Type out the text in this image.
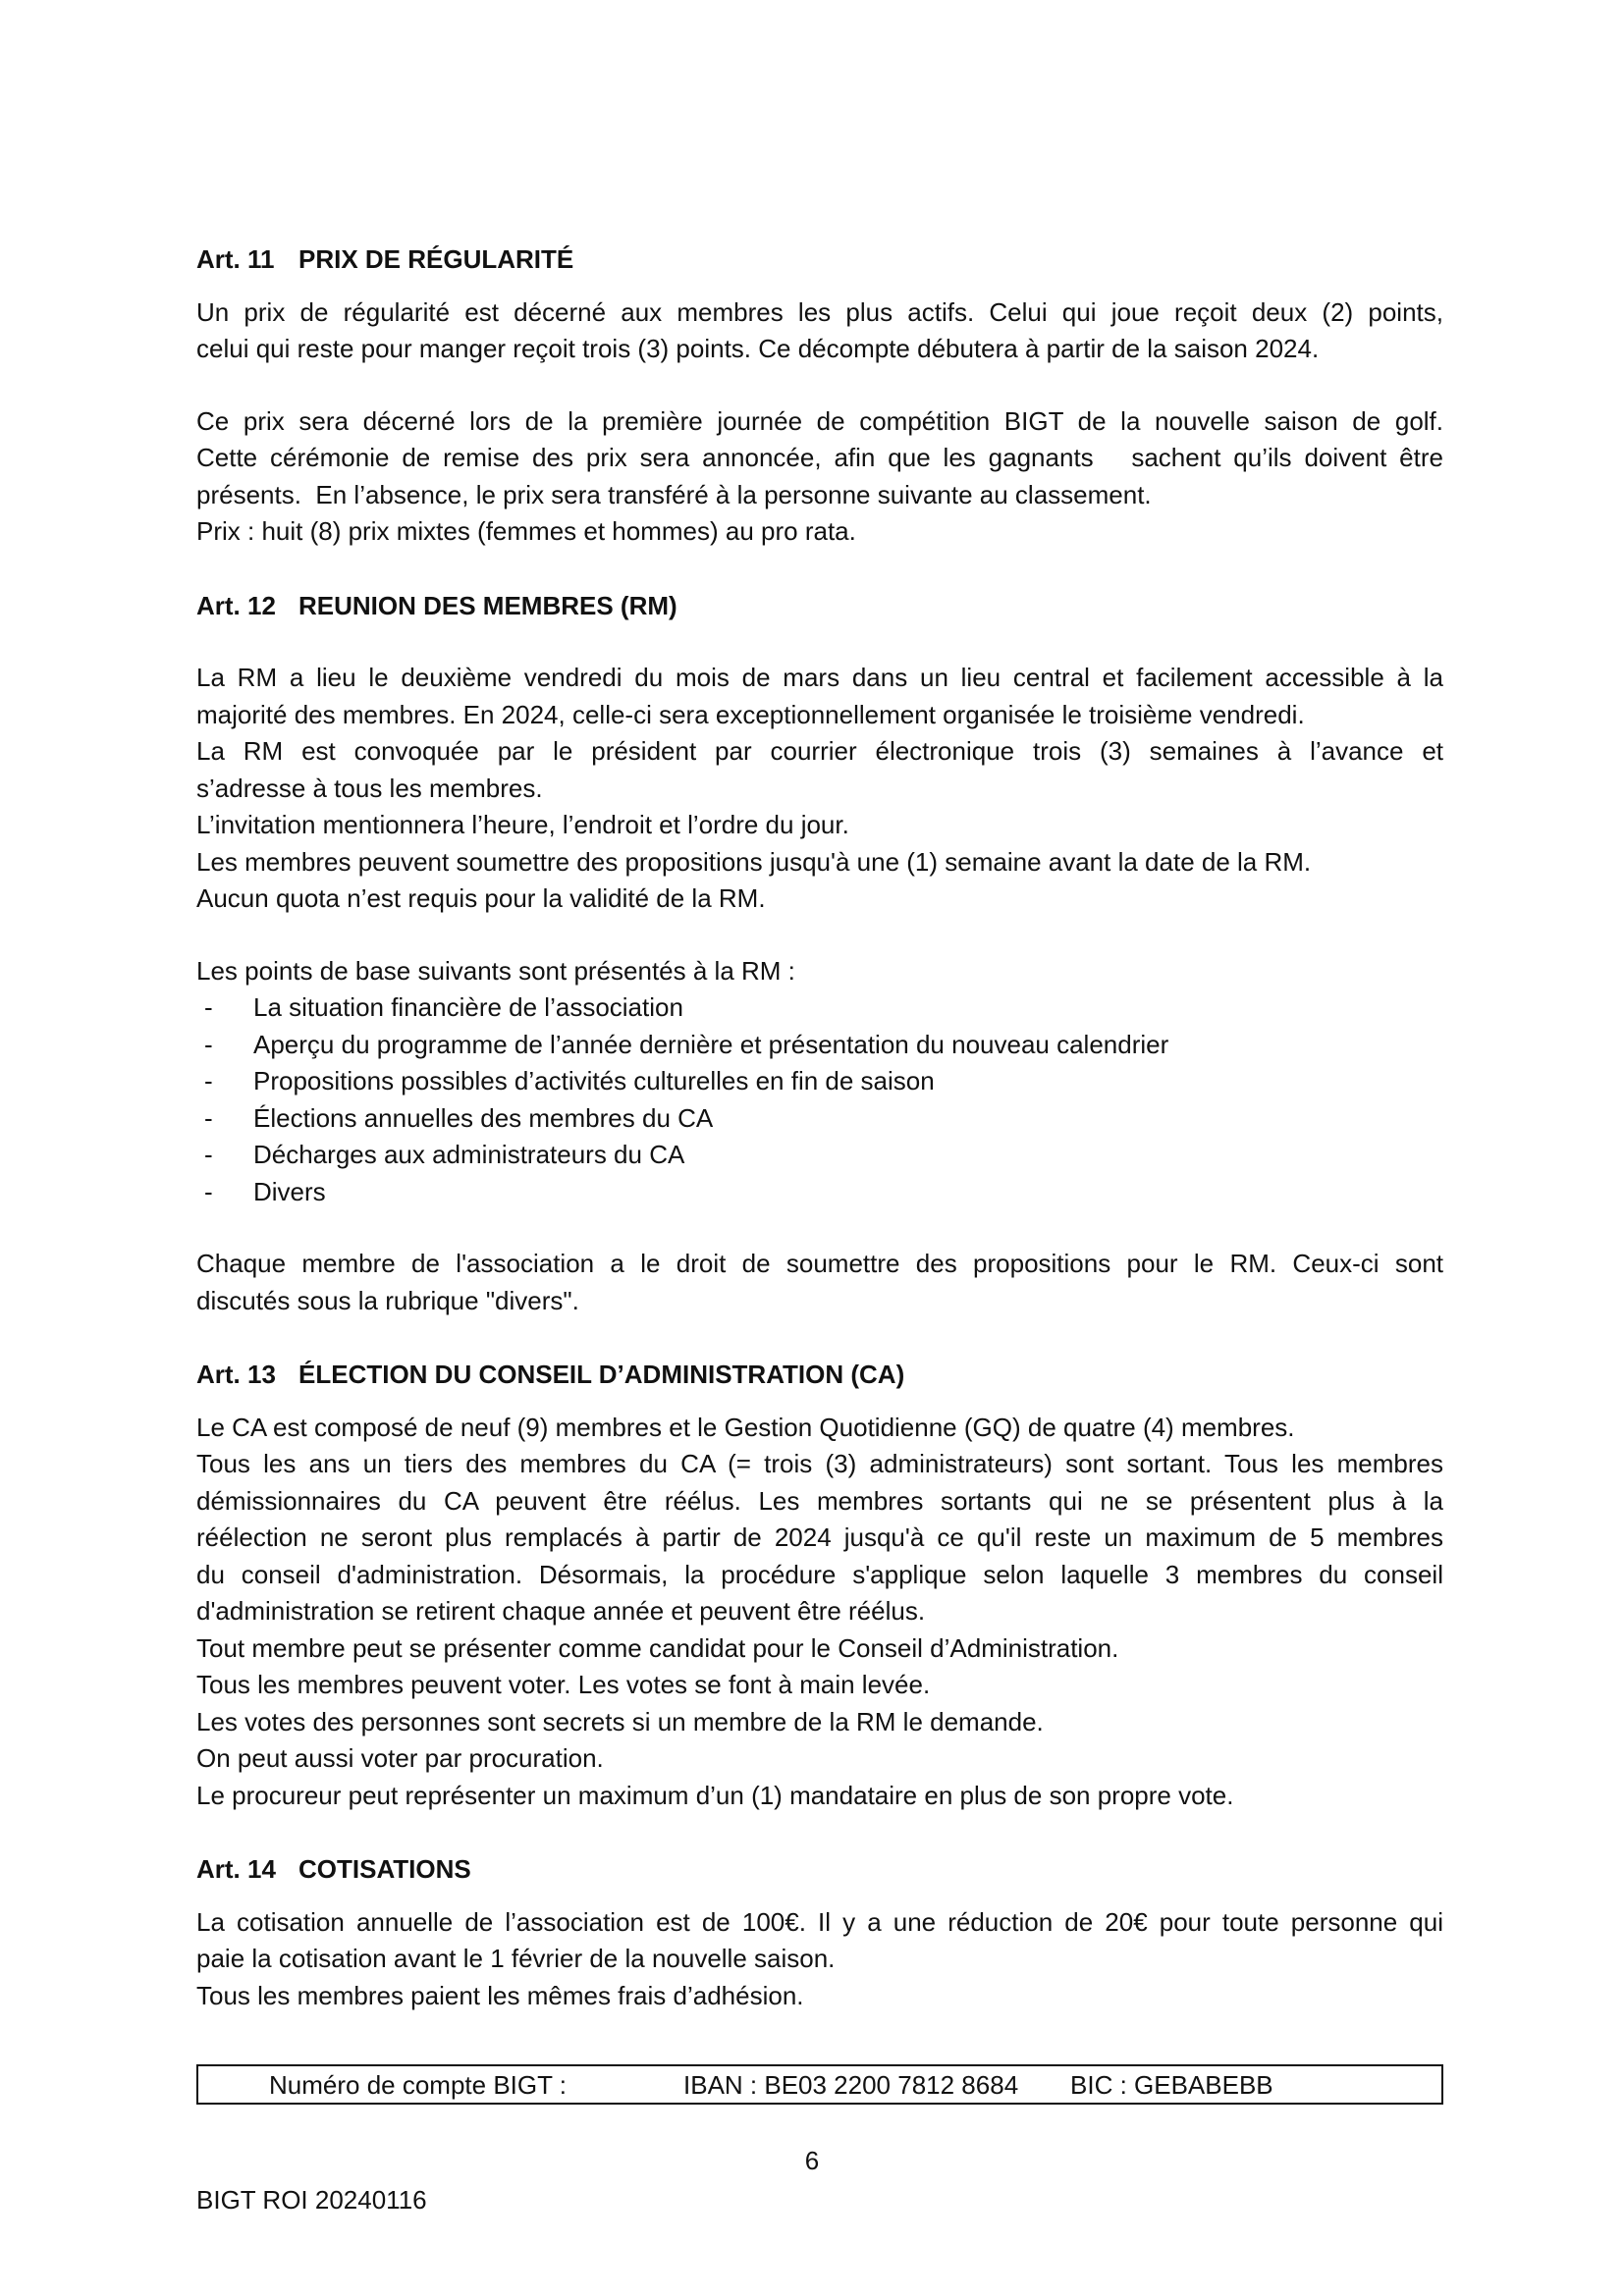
Art. 11 PRIX DE RÉGULARITÉ

Un prix de régularité est décerné aux membres les plus actifs. Celui qui joue reçoit deux (2) points,

celui qui reste pour manger reçoit trois (3) points. Ce décompte débutera à partir de la saison 2024.

Ce prix sera décerné lors de la première journée de compétition BIGT de la nouvelle saison de golf.

Cette cérémonie de remise des prix sera annoncée, afin que les gagnants   sachent qu’ils doivent être

présents.  En l’absence, le prix sera transféré à la personne suivante au classement.

Prix : huit (8) prix mixtes (femmes et hommes) au pro rata.

Art. 12 REUNION DES MEMBRES (RM)

La RM a lieu le deuxième vendredi du mois de mars dans un lieu central et facilement accessible à la

majorité des membres. En 2024, celle-ci sera exceptionnellement organisée le troisième vendredi.

La RM est convoquée par le président par courrier électronique trois (3) semaines à l’avance et

s’adresse à tous les membres.

L’invitation mentionnera l’heure, l’endroit et l’ordre du jour.

Les membres peuvent soumettre des propositions jusqu'à une (1) semaine avant la date de la RM.

Aucun quota n’est requis pour la validité de la RM.

Les points de base suivants sont présentés à la RM :

- La situation financière de l’association
- Aperçu du programme de l’année dernière et présentation du nouveau calendrier
- Propositions possibles d’activités culturelles en fin de saison
- Élections annuelles des membres du CA
- Décharges aux administrateurs du CA
- Divers

Chaque membre de l'association a le droit de soumettre des propositions pour le RM. Ceux-ci sont

discutés sous la rubrique "divers".

Art. 13 ÉLECTION DU CONSEIL D’ADMINISTRATION (CA)

Le CA est composé de neuf (9) membres et le Gestion Quotidienne (GQ) de quatre (4) membres.

Tous les ans un tiers des membres du CA (= trois (3) administrateurs) sont sortant. Tous les membres

démissionnaires du CA peuvent être réélus. Les membres sortants qui ne se présentent plus à la

réélection ne seront plus remplacés à partir de 2024 jusqu'à ce qu'il reste un maximum de 5 membres

du conseil d'administration. Désormais, la procédure s'applique selon laquelle 3 membres du conseil

d'administration se retirent chaque année et peuvent être réélus.

Tout membre peut se présenter comme candidat pour le Conseil d’Administration.

Tous les membres peuvent voter. Les votes se font à main levée.

Les votes des personnes sont secrets si un membre de la RM le demande.

On peut aussi voter par procuration.

Le procureur peut représenter un maximum d’un (1) mandataire en plus de son propre vote.

Art. 14 COTISATIONS

La cotisation annuelle de l’association est de 100€. Il y a une réduction de 20€ pour toute personne qui

paie la cotisation avant le 1 février de la nouvelle saison.

Tous les membres paient les mêmes frais d’adhésion.

Numéro de compte BIGT :	IBAN : BE03 2200 7812 8684 BIC : GEBABEBB
6
BIGT ROI 20240116
